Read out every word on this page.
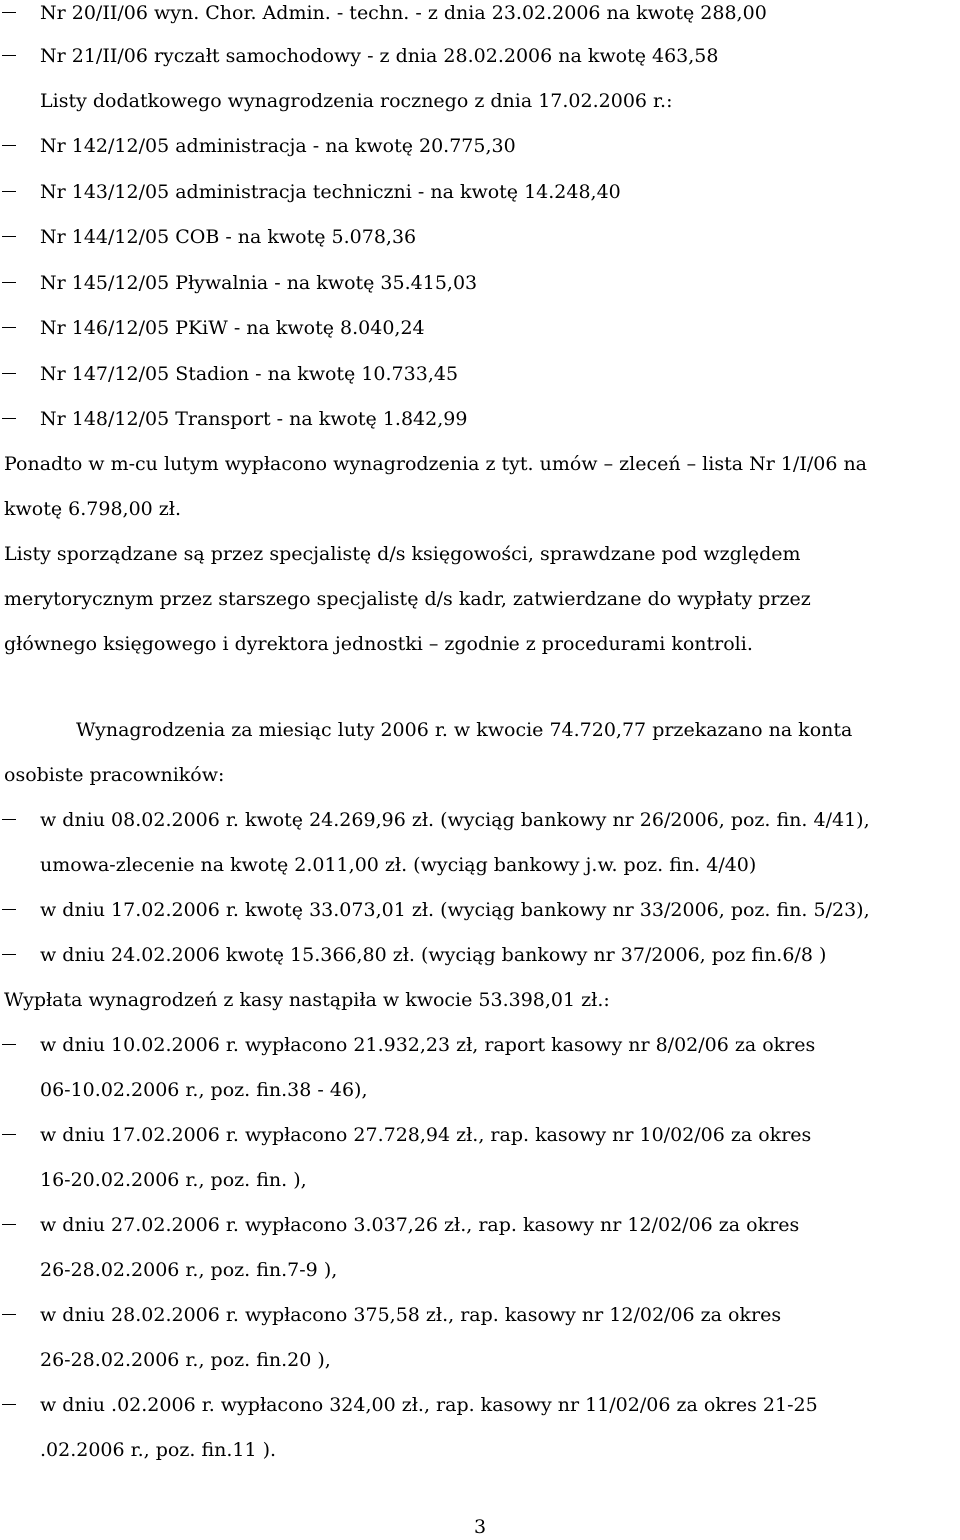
Nr 20/II/06 wyn. Chor. Admin. - techn. - z dnia 23.02.2006 na kwotę 288,00
Nr 21/II/06 ryczałt samochodowy - z dnia 28.02.2006 na kwotę 463,58
Listy dodatkowego wynagrodzenia rocznego z dnia 17.02.2006 r.:
Nr 142/12/05 administracja - na kwotę 20.775,30
Nr 143/12/05 administracja techniczni - na kwotę 14.248,40
Nr 144/12/05 COB - na kwotę 5.078,36
Nr 145/12/05 Pływalnia - na kwotę 35.415,03
Nr 146/12/05 PKiW - na kwotę 8.040,24
Nr 147/12/05 Stadion - na kwotę 10.733,45
Nr 148/12/05 Transport - na kwotę 1.842,99
Ponadto w m-cu lutym wypłacono wynagrodzenia z tyt. umów – zleceń – lista Nr 1/I/06 na
kwotę 6.798,00 zł.
Listy sporządzane są przez specjalistę d/s księgowości, sprawdzane pod względem
merytorycznym przez starszego specjalistę d/s kadr, zatwierdzane do wypłaty przez
głównego księgowego i dyrektora jednostki – zgodnie z procedurami kontroli.
Wynagrodzenia za miesiąc luty 2006 r. w kwocie 74.720,77 przekazano na konta
osobiste pracowników:
w dniu 08.02.2006 r. kwotę 24.269,96 zł. (wyciąg bankowy nr 26/2006, poz. fin. 4/41),
umowa-zlecenie na kwotę 2.011,00 zł. (wyciąg bankowy j.w. poz. fin. 4/40)
w dniu 17.02.2006 r. kwotę 33.073,01 zł. (wyciąg bankowy nr 33/2006, poz. fin. 5/23),
w dniu 24.02.2006 kwotę 15.366,80 zł. (wyciąg bankowy nr 37/2006, poz fin.6/8 )
Wypłata wynagrodzeń z kasy nastąpiła w kwocie 53.398,01 zł.:
w dniu 10.02.2006 r. wypłacono 21.932,23 zł, raport kasowy nr 8/02/06 za okres
06-10.02.2006 r., poz. fin.38 - 46),
w dniu 17.02.2006 r. wypłacono 27.728,94 zł., rap. kasowy nr 10/02/06 za okres
16-20.02.2006 r., poz. fin. ),
w dniu 27.02.2006 r. wypłacono 3.037,26 zł., rap. kasowy nr 12/02/06 za okres
26-28.02.2006 r., poz. fin.7-9 ),
w dniu 28.02.2006 r. wypłacono 375,58 zł., rap. kasowy nr 12/02/06 za okres
26-28.02.2006 r., poz. fin.20 ),
w dniu .02.2006 r. wypłacono 324,00 zł., rap. kasowy nr 11/02/06 za okres 21-25
.02.2006 r., poz. fin.11 ).
3
